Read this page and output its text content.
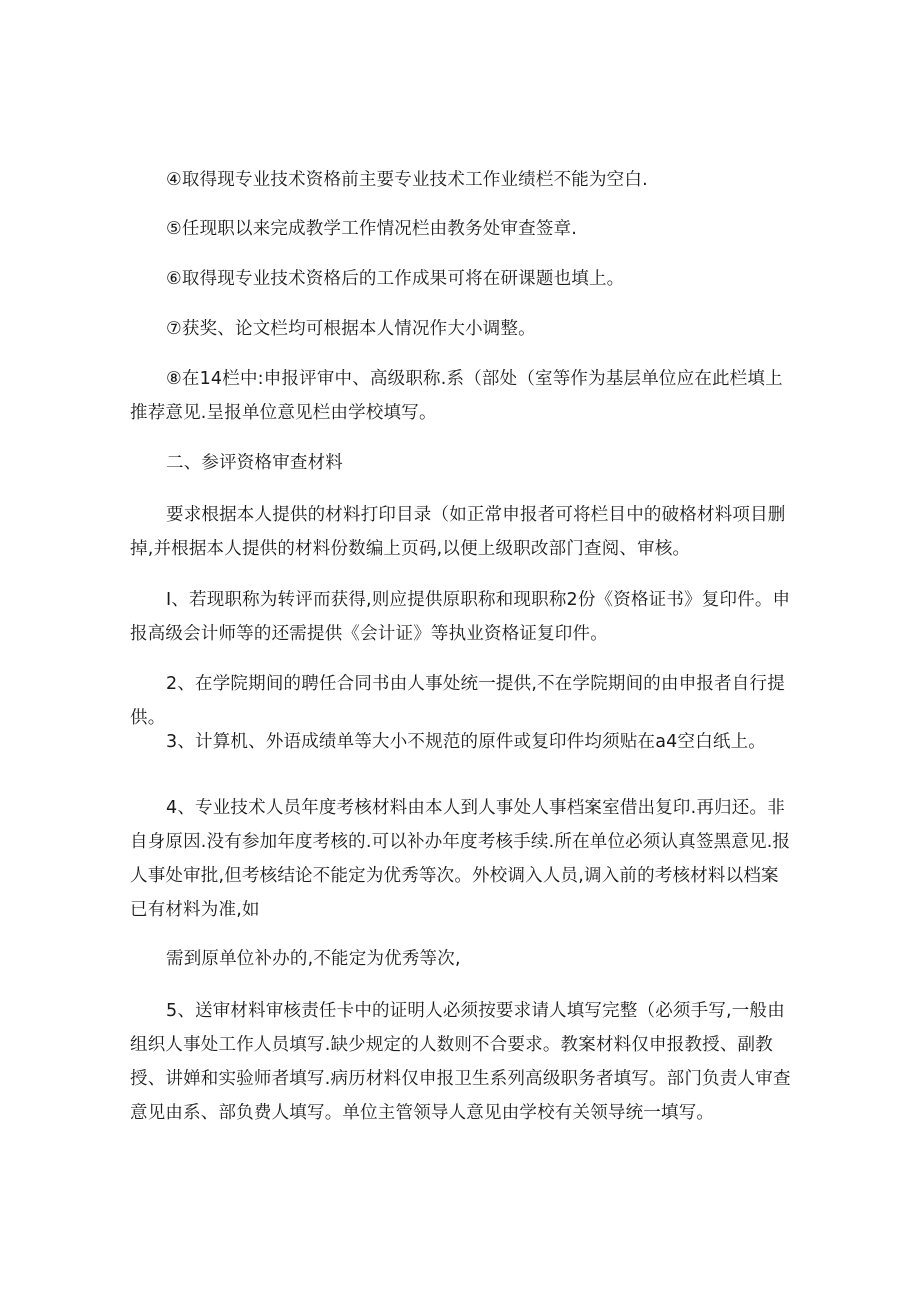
④取得现专业技术资格前主要专业技术工作业绩栏不能为空白.

⑤任现职以来完成教学工作情况栏由教务处审查签章.

⑥取得现专业技术资格后的工作成果可将在研课题也填上。

⑦获奖、论文栏均可根据本人情况作大小调整。

⑧在14栏中:申报评审中、高级职称.系（部处（室等作为基层单位应在此栏填上推荐意见.呈报单位意见栏由学校填写。

二、参评资格审查材料

要求根据本人提供的材料打印目录（如正常申报者可将栏目中的破格材料项目删掉,并根据本人提供的材料份数编上页码,以便上级职改部门查阅、审核。

I、若现职称为转评而获得,则应提供原职称和现职称2份《资格证书》复印件。申报高级会计师等的还需提供《会计证》等执业资格证复印件。

2、在学院期间的聘任合同书由人事处统一提供,不在学院期间的由申报者自行提供。

3、计算机、外语成绩单等大小不规范的原件或复印件均须贴在a4空白纸上。

4、专业技术人员年度考核材料由本人到人事处人事档案室借出复印.再归还。非自身原因.没有参加年度考核的.可以补办年度考核手续.所在单位必须认真签黑意见.报人事处审批,但考核结论不能定为优秀等次。外校调入人员,调入前的考核材料以档案已有材料为准,如

需到原单位补办的,不能定为优秀等次,

5、送审材料审核责任卡中的证明人必须按要求请人填写完整（必须手写,一般由组织人事处工作人员填写.缺少规定的人数则不合要求。教案材料仅申报教授、副教授、讲婵和实验师者填写.病历材料仅申报卫生系列高级职务者填写。部门负责人审查意见由系、部负费人填写。单位主管领导人意见由学校有关领导统一填写。
